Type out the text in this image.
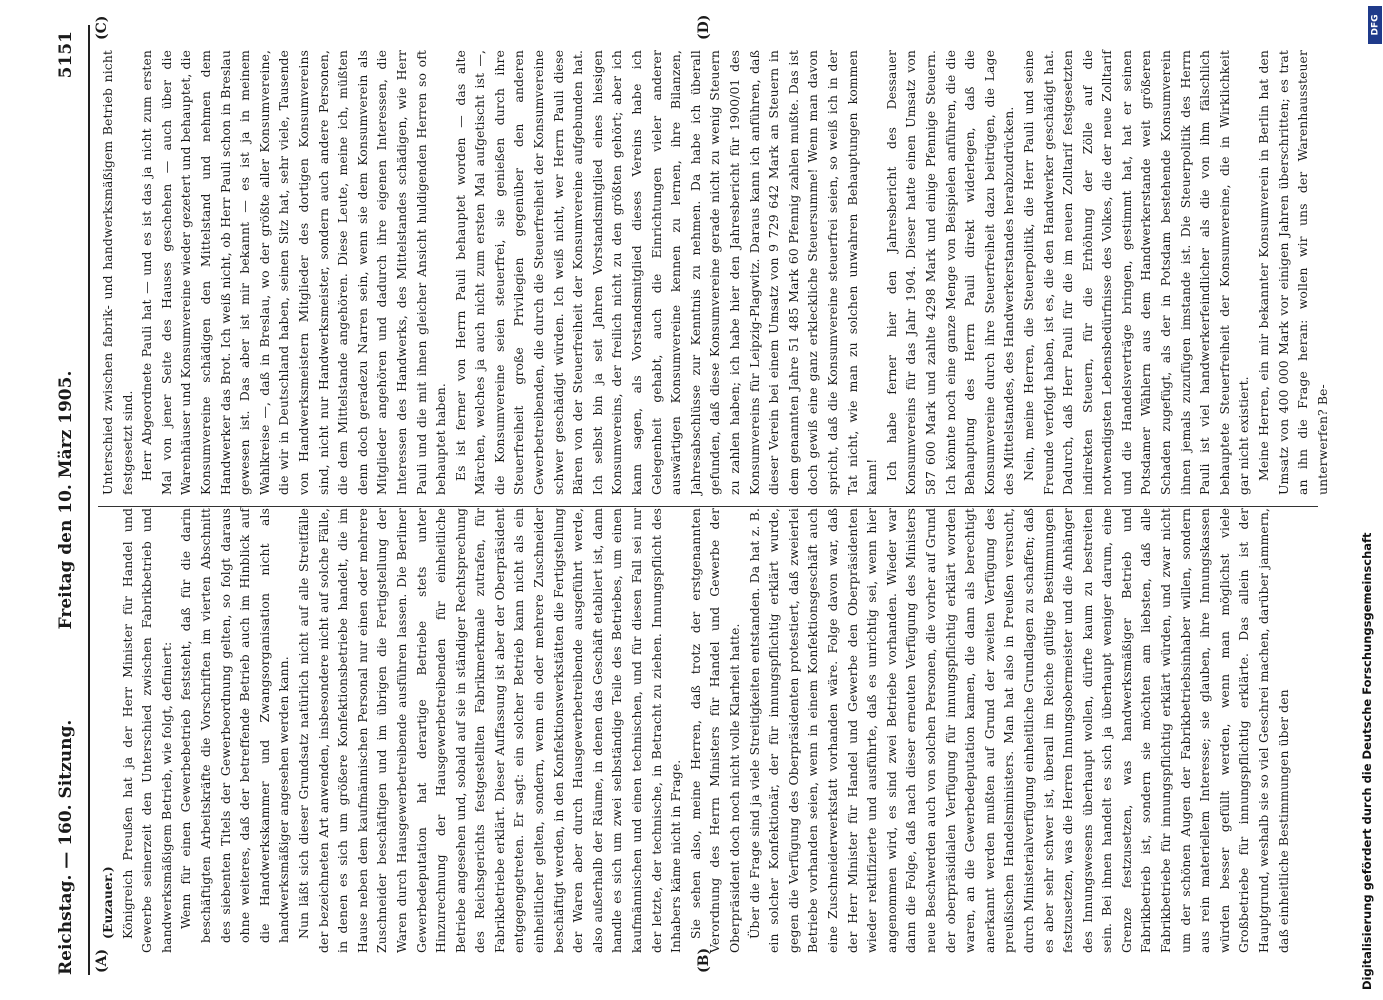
Reichstag. — 160. Sitzung.
Freitag den 10. März 1905.
5151
(A)	(B)
(C)	(D)

(Euzauer.) Königreich Preußen hat ja der Herr Minister für Handel und Gewerbe seinerzeit den Unterschied zwischen Fabrikbetrieb und handwerksmäßigem Betrieb, wie folgt, definiert: Wenn für einen Gewerbebetrieb feststeht, daß für die darin beschäftigten Arbeitskräfte die Vorschriften im vierten Abschnitt des siebenten Titels der Gewerbeordnung gelten, so folgt daraus ohne weiteres, daß der betreffende Betrieb auch im Hinblick auf die Handwerkskammer und Zwangsorganisation nicht als handwerksmäßiger angesehen werden kann. Nun läßt sich dieser Grundsatz natürlich nicht auf alle Streitfälle der bezeichneten Art anwenden, insbesondere nicht auf solche Fälle, in denen es sich um größere Konfektionsbetriebe handelt, die im Hause neben dem kaufmännischen Personal nur einen oder mehrere Zuschneider beschäftigen und im übrigen die Fertigstellung der Waren durch Hausgewerbetreibende ausführen lassen. Die Berliner Gewerbedeputation hat derartige Betriebe stets unter Hinzurechnung der Hausgewerbetreibenden für einheitliche Betriebe angesehen und, sobald auf sie in ständiger Rechtsprechung des Reichsgerichts festgestellten Fabrikmerkmale zutrafen, für Fabrikbetriebe erklärt. Dieser Auffassung ist aber der Oberpräsident entgegengetreten. Er sagt: ein solcher Betrieb kann nicht als ein einheitlicher gelten, sondern, wenn ein oder mehrere Zuschneider beschäftigt werden, in den Konfektionswerkstätten die Fertigstellung der Waren aber durch Hausgewerbetreibende ausgeführt werde, also außerhalb der Räume, in denen das Geschäft etabliert ist, dann handle es sich um zwei selbständige Teile des Betriebes, um einen kaufmännischen und einen technischen, und für diesen Fall sei nur der letzte, der technische, in Betracht zu ziehen. Innungspflicht des Inhabers käme nicht in Frage. Sie sehen also, meine Herren, daß trotz der erstgenannten Verordnung des Herrn Ministers für Handel und Gewerbe der Oberpräsident doch noch nicht volle Klarheit hatte. Über die Frage sind ja viele Streitigkeiten entstanden. Da hat z. B. ein solcher Konfektionär, der für innungspflichtig erklärt wurde, gegen die Verfügung des Oberpräsidenten protestiert, daß zweierlei Betriebe vorhanden seien, wenn in einem Konfektionsgeschäft auch eine Zuschneiderwerkstatt vorhanden wäre. Folge davon war, daß der Herr Minister für Handel und Gewerbe den Oberpräsidenten wieder rektifizierte und ausführte, daß es unrichtig sei, wenn hier angenommen wird, es sind zwei Betriebe vorhanden. Wieder war dann die Folge, daß nach dieser erneuten Verfügung des Ministers neue Beschwerden auch von solchen Personen, die vorher auf Grund der oberpräsidialen Verfügung für innungspflichtig erklärt worden waren, an die Gewerbedeputation kamen, die dann als berechtigt anerkannt werden mußten auf Grund der zweiten Verfügung des preußischen Handelsministers. Man hat also in Preußen versucht, durch Ministerialverfügung einheitliche Grundlagen zu schaffen; daß es aber sehr schwer ist, überall im Reiche gültige Bestimmungen festzusetzen, was die Herren Innungsobermeister und die Anhänger des Innungswesens überhaupt wollen, dürfte kaum zu bestreiten sein. Bei ihnen handelt es sich ja überhaupt weniger darum, eine Grenze festzusetzen, was handwerksmäßiger Betrieb und Fabrikbetrieb ist, sondern sie möchten am liebsten, daß alle Fabrikbetriebe für innungspflichtig erklärt würden, und zwar nicht um der schönen Augen der Fabrikbetriebsinhaber willen, sondern aus rein materiellem Interesse; sie glauben, ihre Innungskassen würden besser gefüllt werden, wenn man möglichst viele Großbetriebe für innungspflichtig erklärte. Das allein ist der Hauptgrund, weshalb sie so viel Geschrei machen, darüber jammern, daß einheitliche Bestimmungen über den

Unterschied zwischen fabrik- und handwerksmäßigem Betrieb nicht festgesetzt sind. Herr Abgeordnete Pauli hat — und es ist das ja nicht zum ersten Mal von jener Seite des Hauses geschehen — auch über die Warenhäuser und Konsumvereine wieder gezetert und behauptet, die Konsumvereine schädigen den Mittelstand und nehmen dem Handwerker das Brot. Ich weiß nicht, ob Herr Pauli schon in Breslau gewesen ist. Das aber ist mir bekannt — es ist ja in meinem Wahlkreise —, daß in Breslau, wo der größte aller Konsumvereine, die wir in Deutschland haben, seinen Sitz hat, sehr viele, Tausende von Handwerksmeistern Mitglieder des dortigen Konsumvereins sind, nicht nur Handwerksmeister, sondern auch andere Personen, die dem Mittelstande angehören. Diese Leute, meine ich, müßten denn doch geradezu Narren sein, wenn sie dem Konsumverein als Mitglieder angehören und dadurch ihre eigenen Interessen, die Interessen des Handwerks, des Mittelstandes schädigen, wie Herr Pauli und die mit ihnen gleicher Ansicht huldigenden Herren so oft behauptet haben. Es ist ferner von Herrn Pauli behauptet worden — das alte Märchen, welches ja auch nicht zum ersten Mal aufgetischt ist —, die Konsumvereine seien steuerfrei, sie genießen durch ihre Steuerfreiheit große Privilegien gegenüber den anderen Gewerbetreibenden, die durch die Steuerfreiheit der Konsumvereine schwer geschädigt würden. Ich weiß nicht, wer Herrn Pauli diese Bären von der Steuerfreiheit der Konsumvereine aufgebunden hat. Ich selbst bin ja seit Jahren Vorstandsmitglied eines hiesigen Konsumvereins, der freilich nicht zu den größten gehört; aber ich kann sagen, als Vorstandsmitglied dieses Vereins habe ich Gelegenheit gehabt, auch die Einrichtungen vieler anderer auswärtigen Konsumvereine kennen zu lernen, ihre Bilanzen, Jahresabschlüsse zur Kenntnis zu nehmen. Da habe ich überall gefunden, daß diese Konsumvereine gerade nicht zu wenig Steuern zu zahlen haben; ich habe hier den Jahresbericht für 1900/01 des Konsumvereins für Leipzig-Plagwitz. Daraus kann ich anführen, daß dieser Verein bei einem Umsatz von 9 729 642 Mark an Steuern in dem genannten Jahre 51 485 Mark 60 Pfennig zahlen mußte. Das ist doch gewiß eine ganz erkleckliche Steuersumme! Wenn man davon spricht, daß die Konsumvereine steuerfrei seien, so weiß ich in der Tat nicht, wie man zu solchen unwahren Behauptungen kommen kann! Ich habe ferner hier den Jahresbericht des Dessauer Konsumvereins für das Jahr 1904. Dieser hatte einen Umsatz von 587 600 Mark und zahlte 4298 Mark und einige Pfennige Steuern. Ich könnte noch eine ganze Menge von Beispielen anführen, die die Behauptung des Herrn Pauli direkt widerlegen, daß die Konsumvereine durch ihre Steuerfreiheit dazu beitrügen, die Lage des Mittelstandes, des Handwerkerstandes herabzudrücken. Nein, meine Herren, die Steuerpolitik, die Herr Pauli und seine Freunde verfolgt haben, ist es, die den Handwerker geschädigt hat. Dadurch, daß Herr Pauli für die im neuen Zolltarif festgesetzten indirekten Steuern, für die Erhöhung der Zölle auf die notwendigsten Lebensbedürfnisse des Volkes, die der neue Zolltarif und die Handelsverträge bringen, gestimmt hat, hat er seinen Potsdamer Wählern aus dem Handwerkerstande weit größeren Schaden zugefügt, als der in Potsdam bestehende Konsumverein ihnen jemals zuzufügen imstande ist. Die Steuerpolitik des Herrn Pauli ist viel handwerkerfeindlicher als die von ihm fälschlich behauptete Steuerfreiheit der Konsumvereine, die in Wirklichkeit gar nicht existiert. Meine Herren, ein mir bekannter Konsumverein in Berlin hat den Umsatz von 400 000 Mark vor einigen Jahren überschritten; es trat an ihn die Frage heran: wollen wir uns der Warenhaussteuer unterwerfen? Be-

Digitalisierung gefördert durch die Deutsche Forschungsgemeinschaft
DFG
